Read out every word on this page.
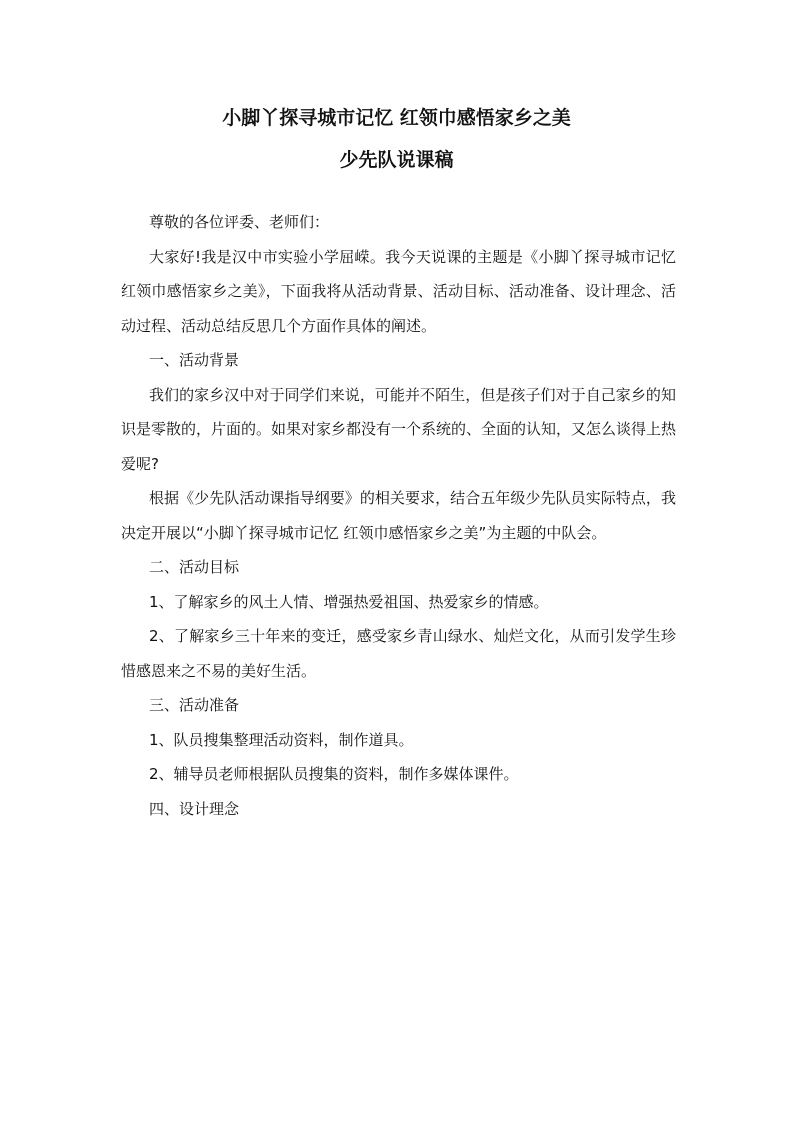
小脚丫探寻城市记忆 红领巾感悟家乡之美
少先队说课稿

尊敬的各位评委、老师们：

大家好!我是汉中市实验小学屈嵘。我今天说课的主题是《小脚丫探寻城市记忆 红领巾感悟家乡之美》，下面我将从活动背景、活动目标、活动准备、设计理念、活动过程、活动总结反思几个方面作具体的阐述。

一、活动背景

我们的家乡汉中对于同学们来说，可能并不陌生，但是孩子们对于自己家乡的知识是零散的，片面的。如果对家乡都没有一个系统的、全面的认知，又怎么谈得上热爱呢?

根据《少先队活动课指导纲要》的相关要求，结合五年级少先队员实际特点，我决定开展以“小脚丫探寻城市记忆 红领巾感悟家乡之美”为主题的中队会。

二、活动目标

1、了解家乡的风土人情、增强热爱祖国、热爱家乡的情感。

2、了解家乡三十年来的变迁，感受家乡青山绿水、灿烂文化，从而引发学生珍惜感恩来之不易的美好生活。

三、活动准备

1、队员搜集整理活动资料，制作道具。

2、辅导员老师根据队员搜集的资料，制作多媒体课件。

四、设计理念
